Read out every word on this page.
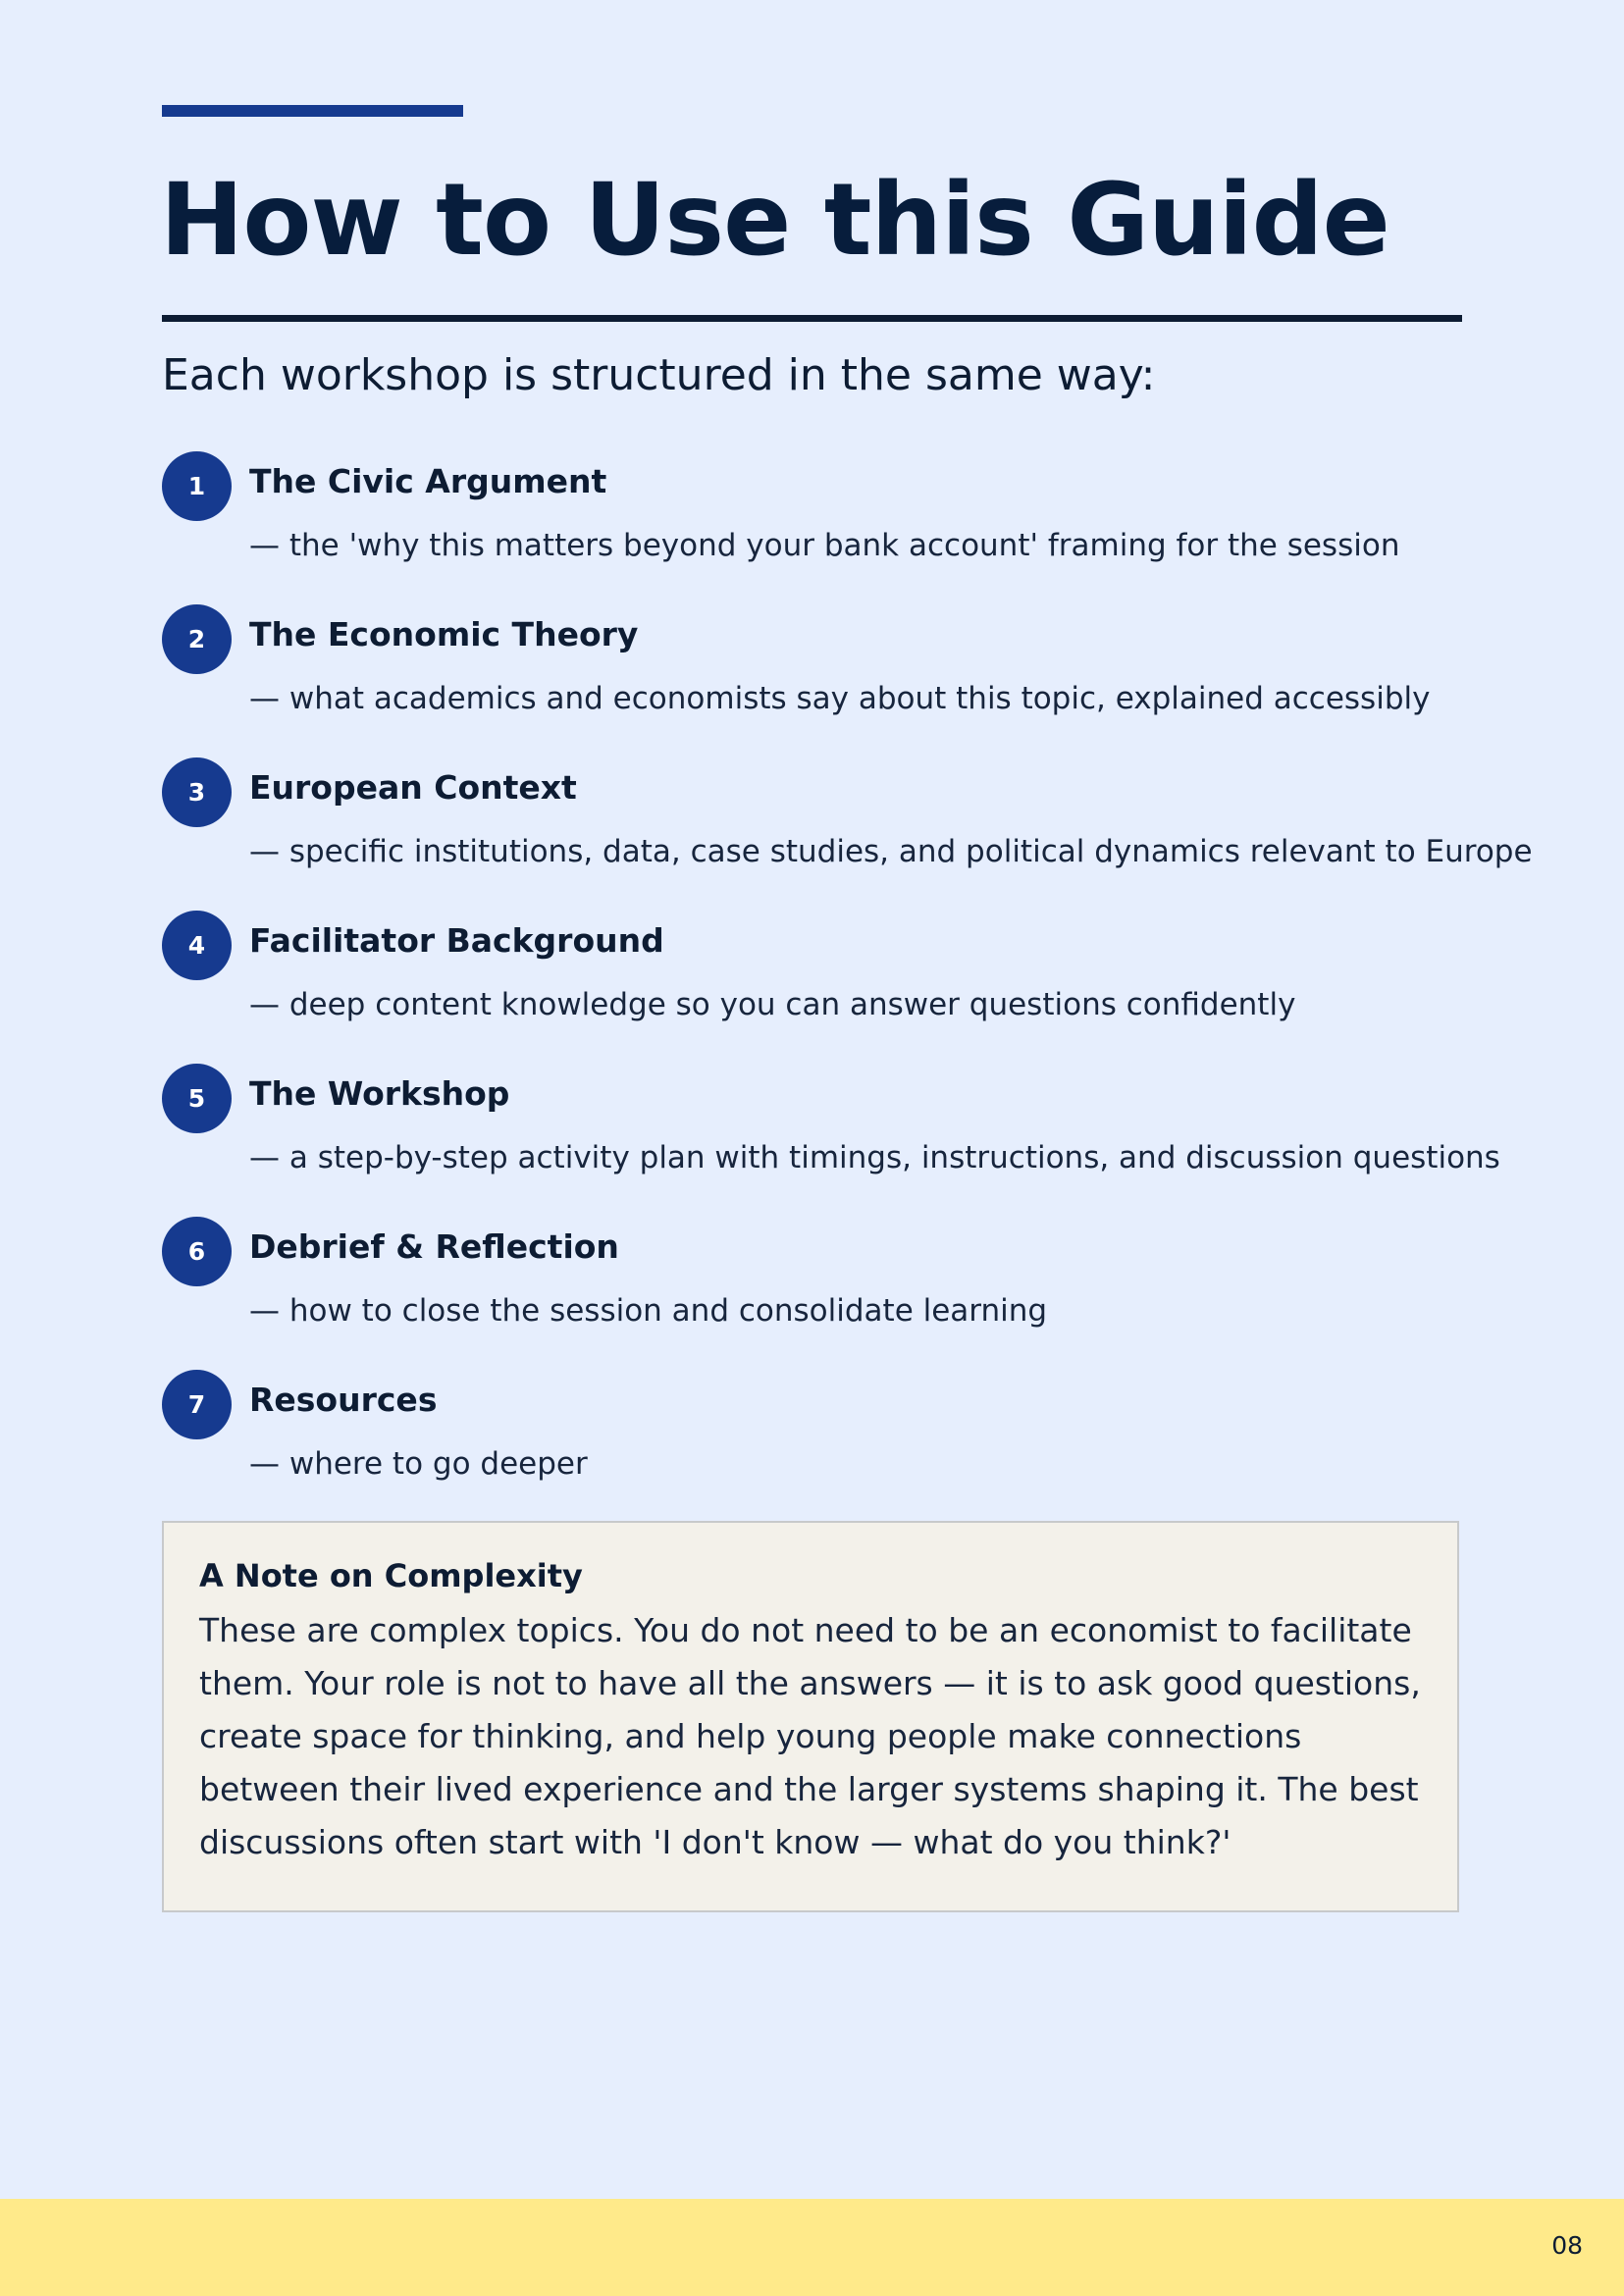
How to Use this Guide

Each workshop is structured in the same way:

1	The Civic Argument
— the 'why this matters beyond your bank account' framing for the session
2	The Economic Theory
— what academics and economists say about this topic, explained accessibly
3	European Context
— specific institutions, data, case studies, and political dynamics relevant to Europe
4	Facilitator Background
— deep content knowledge so you can answer questions confidently
5	The Workshop
— a step-by-step activity plan with timings, instructions, and discussion questions
6	Debrief & Reflection
— how to close the session and consolidate learning
7	Resources
— where to go deeper
A Note on Complexity

These are complex topics. You do not need to be an economist to facilitate them. Your role is not to have all the answers — it is to ask good questions, create space for thinking, and help young people make connections between their lived experience and the larger systems shaping it. The best discussions often start with 'I don't know — what do you think?'

08
